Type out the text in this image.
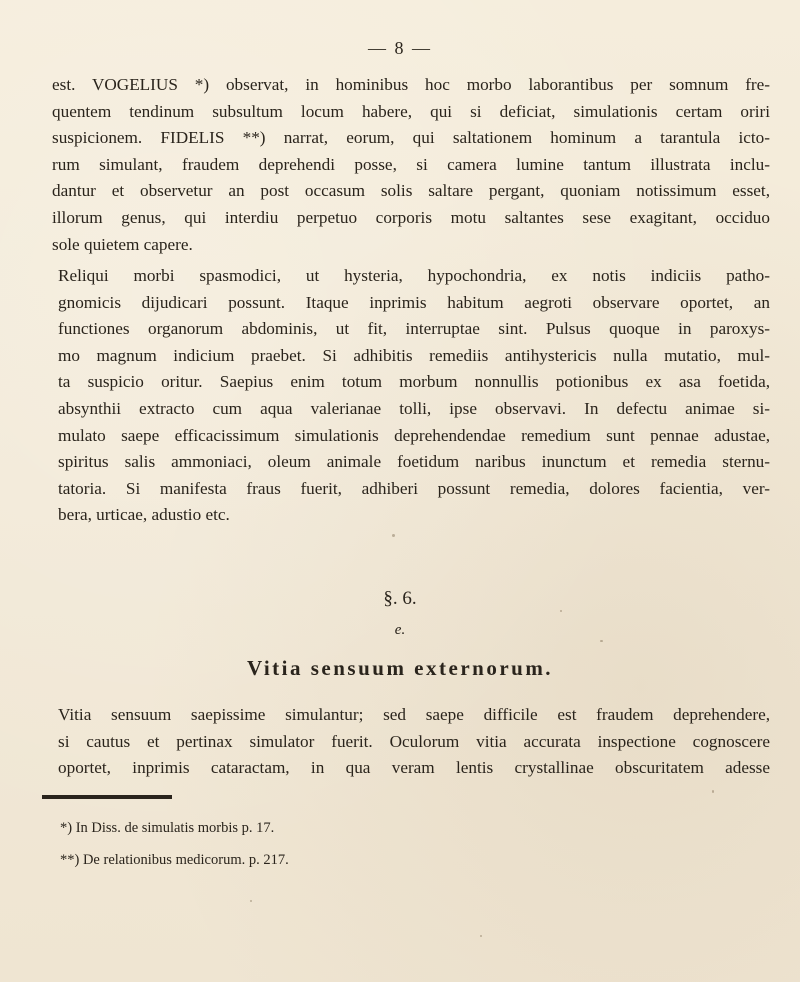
— 8 —
est. VOGELIUS *) observat, in hominibus hoc morbo laborantibus per somnum fre-
quentem tendinum subsultum locum habere, qui si deficiat, simulationis certam oriri
suspicionem. FIDELIS **) narrat, eorum, qui saltationem hominum a tarantula icto-
rum simulant, fraudem deprehendi posse, si camera lumine tantum illustrata inclu-
dantur et observetur an post occasum solis saltare pergant, quoniam notissimum esset,
illorum genus, qui interdiu perpetuo corporis motu saltantes sese exagitant, occiduo
sole quietem capere.
Reliqui morbi spasmodici, ut hysteria, hypochondria, ex notis indiciis patho-
gnomicis dijudicari possunt. Itaque inprimis habitum aegroti observare oportet, an
functiones organorum abdominis, ut fit, interruptae sint. Pulsus quoque in paroxys-
mo magnum indicium praebet. Si adhibitis remediis antihystericis nulla mutatio, mul-
ta suspicio oritur. Saepius enim totum morbum nonnullis potionibus ex asa foetida,
absynthii extracto cum aqua valerianae tolli, ipse observavi. In defectu animae si-
mulato saepe efficacissimum simulationis deprehendendae remedium sunt pennae adustae,
spiritus salis ammoniaci, oleum animale foetidum naribus inunctum et remedia sternu-
tatoria. Si manifesta fraus fuerit, adhiberi possunt remedia, dolores facientia, ver-
bera, urticae, adustio etc.
§. 6.
e.
Vitia sensuum externorum.
Vitia sensuum saepissime simulantur; sed saepe difficile est fraudem deprehendere,
si cautus et pertinax simulator fuerit. Oculorum vitia accurata inspectione cognoscere
oportet, inprimis cataractam, in qua veram lentis crystallinae obscuritatem adesse
*) In Diss. de simulatis morbis p. 17.
**) De relationibus medicorum. p. 217.
